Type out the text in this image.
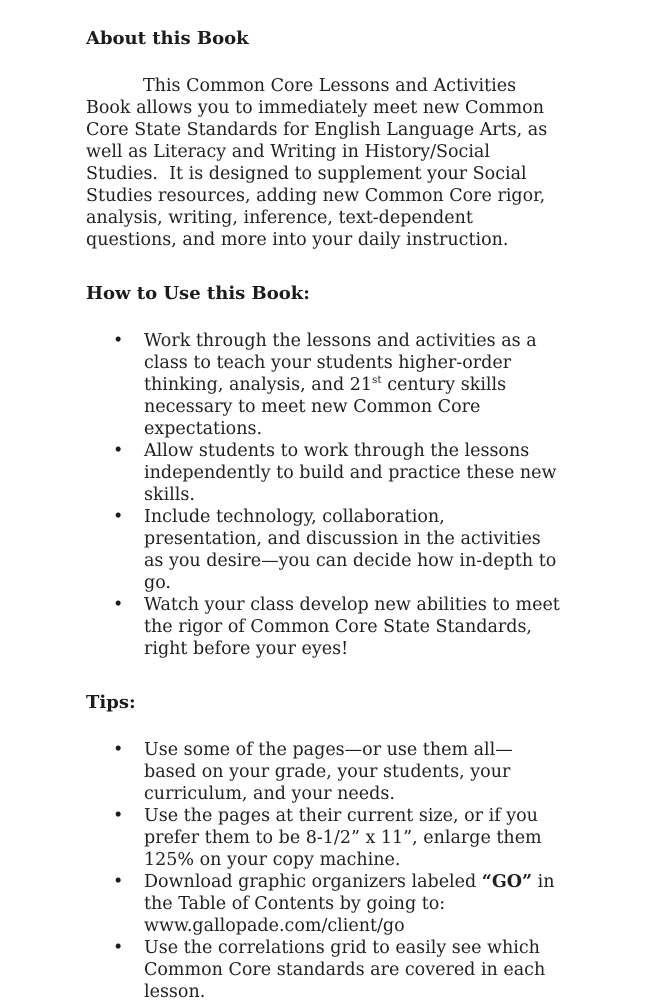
About this Book

This Common Core Lessons and Activities Book allows you to immediately meet new Common Core State Standards for English Language Arts, as well as Literacy and Writing in History/Social Studies.  It is designed to supplement your Social Studies resources, adding new Common Core rigor, analysis, writing, inference, text-dependent questions, and more into your daily instruction.

How to Use this Book:
• Work through the lessons and activities as a class to teach your students higher-order thinking, analysis, and 21st century skills necessary to meet new Common Core expectations.
• Allow students to work through the lessons independently to build and practice these new skills.
• Include technology, collaboration, presentation, and discussion in the activities as you desire—you can decide how in-depth to go.
• Watch your class develop new abilities to meet the rigor of Common Core State Standards, right before your eyes!
Tips:
• Use some of the pages—or use them all—based on your grade, your students, your curriculum, and your needs.
• Use the pages at their current size, or if you prefer them to be 8-1/2” x 11”, enlarge them 125% on your copy machine.
• Download graphic organizers labeled “GO” in the Table of Contents by going to: www.gallopade.com/client/go
• Use the correlations grid to easily see which Common Core standards are covered in each lesson.
